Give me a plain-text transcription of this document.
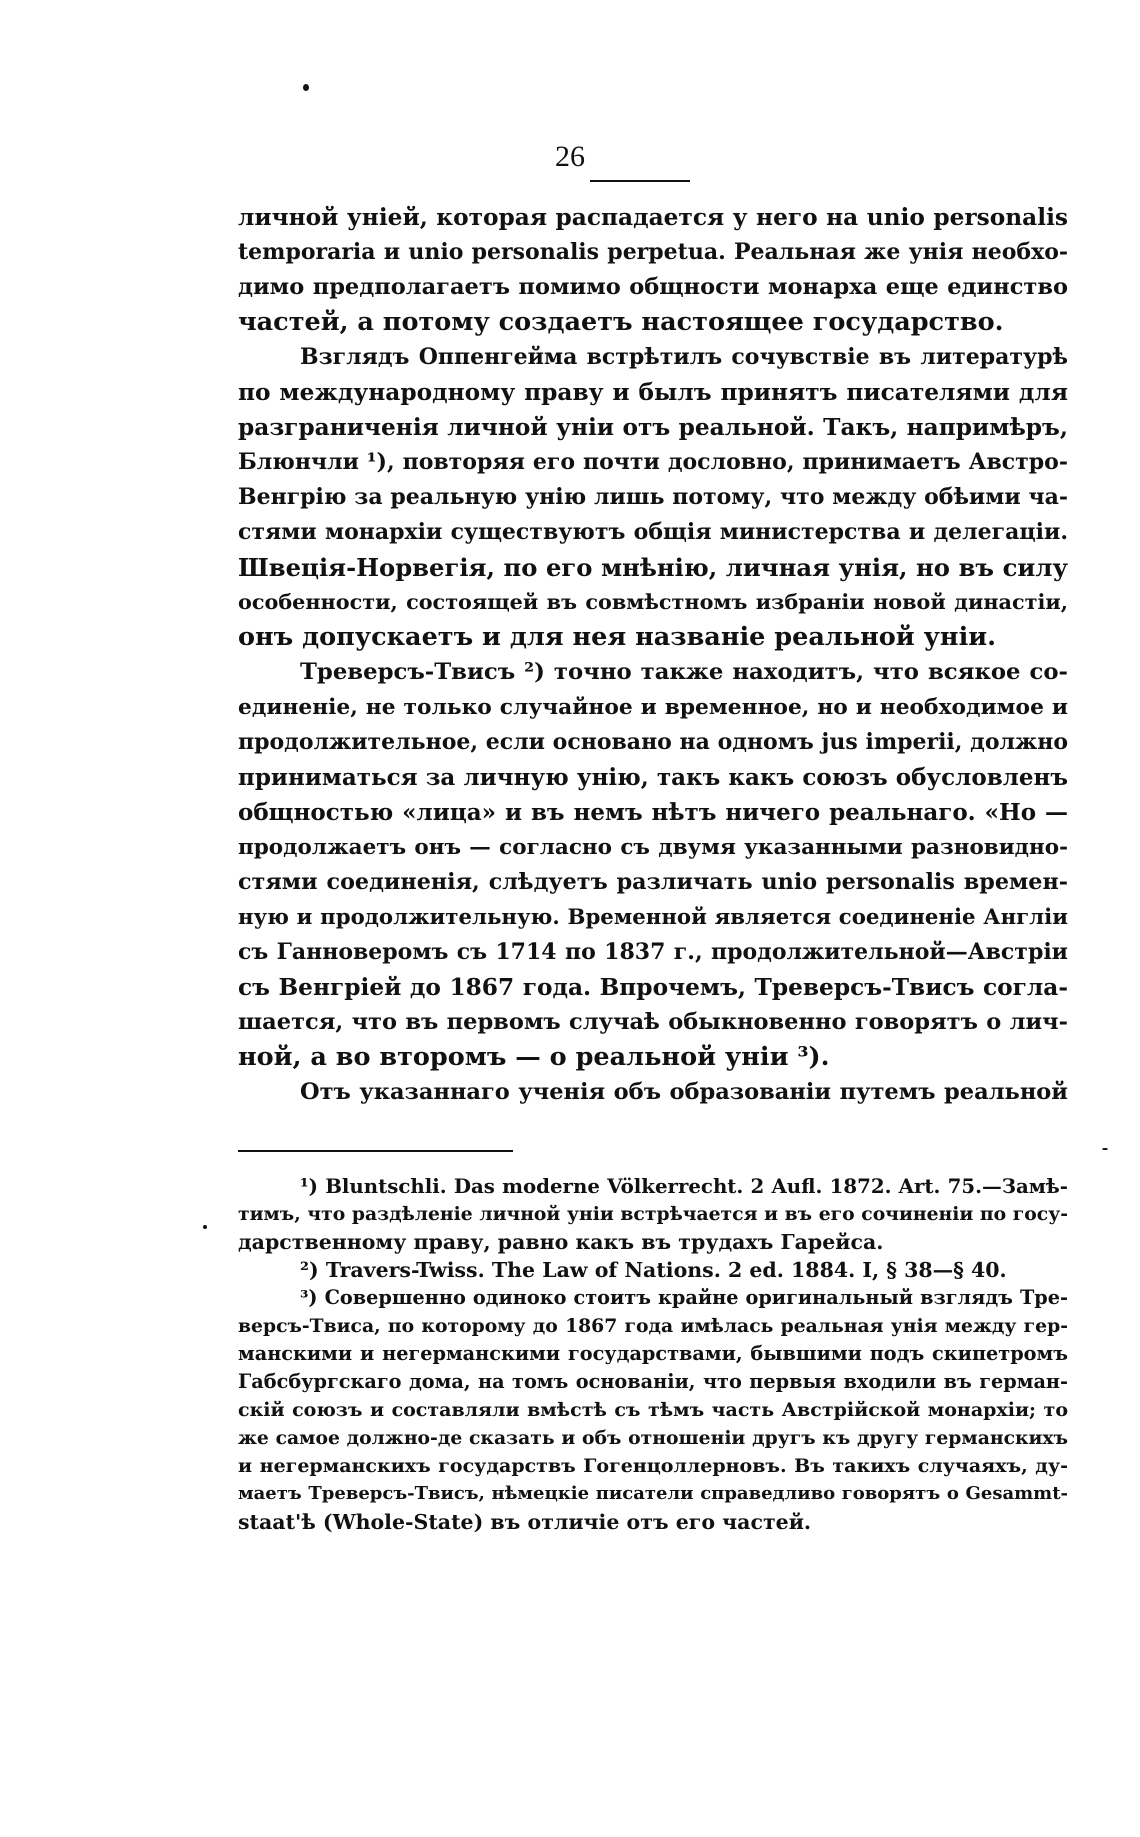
26
личной уніей, которая распадается у него на unio personalis
temporaria и unio personalis perpetua. Реальная же унія необхо-
димо предполагаетъ помимо общности монарха еще единство
частей, а потому создаетъ настоящее государство.
Взглядъ Оппенгейма встрѣтилъ сочувствіе въ литературѣ
по международному праву и былъ принятъ писателями для
разграниченія личной уніи отъ реальной. Такъ, напримѣръ,
Блюнчли ¹), повторяя его почти дословно, принимаетъ Австро-
Венгрію за реальную унію лишь потому, что между обѣими ча-
стями монархіи существуютъ общія министерства и делегаціи.
Швеція-Норвегія, по его мнѣнію, личная унія, но въ силу
особенности, состоящей въ совмѣстномъ избраніи новой династіи,
онъ допускаетъ и для нея названіе реальной уніи.
Треверсъ-Твисъ ²) точно также находитъ, что всякое со-
единеніе, не только случайное и временное, но и необходимое и
продолжительное, если основано на одномъ jus imperii, должно
приниматься за личную унію, такъ какъ союзъ обусловленъ
общностью «лица» и въ немъ нѣтъ ничего реальнаго. «Но —
продолжаетъ онъ — согласно съ двумя указанными разновидно-
стями соединенія, слѣдуетъ различать unio personalis времен-
ную и продолжительную. Временной является соединеніе Англіи
съ Ганноверомъ съ 1714 по 1837 г., продолжительной—Австріи
съ Венгріей до 1867 года. Впрочемъ, Треверсъ-Твисъ согла-
шается, что въ первомъ случаѣ обыкновенно говорятъ о лич-
ной, а во второмъ — о реальной уніи ³).
Отъ указаннаго ученія объ образованіи путемъ реальной
¹) Bluntschli. Das moderne Völkerrecht. 2 Aufl. 1872. Art. 75.—Замѣ-
тимъ, что раздѣленіе личной уніи встрѣчается и въ его сочиненіи по госу-
дарственному праву, равно какъ въ трудахъ Гарейса.
²) Travers-Twiss. The Law of Nations. 2 ed. 1884. I, § 38—§ 40.
³) Совершенно одиноко стоитъ крайне оригинальный взглядъ Тре-
версъ-Твиса, по которому до 1867 года имѣлась реальная унія между гер-
манскими и негерманскими государствами, бывшими подъ скипетромъ
Габсбургскаго дома, на томъ основаніи, что первыя входили въ герман-
скій союзъ и составляли вмѣстѣ съ тѣмъ часть Австрійской монархіи; то
же самое должно-де сказать и объ отношеніи другъ къ другу германскихъ
и негерманскихъ государствъ Гогенцоллерновъ. Въ такихъ случаяхъ, ду-
маетъ Треверсъ-Твисъ, нѣмецкіе писатели справедливо говорятъ о Gesammt-
staat'ѣ (Whole-State) въ отличіе отъ его частей.
